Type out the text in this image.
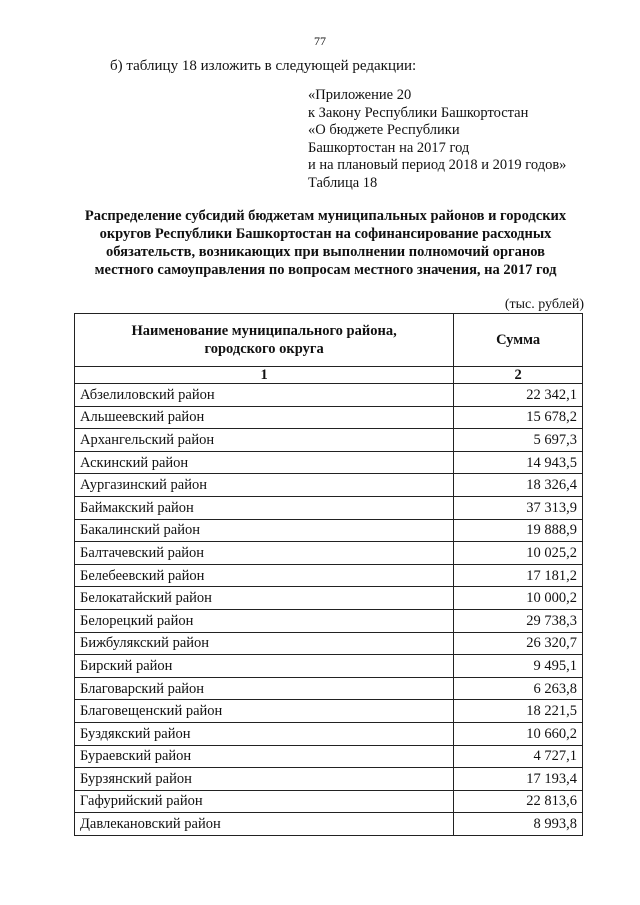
77
б) таблицу 18 изложить в следующей редакции:
«Приложение 20
к Закону Республики Башкортостан
«О бюджете Республики
Башкортостан на 2017 год
и на плановый период 2018 и 2019 годов»
Таблица 18
Распределение субсидий бюджетам муниципальных районов и городских
округов Республики Башкортостан на софинансирование расходных
обязательств, возникающих при выполнении полномочий органов
местного самоуправления по вопросам местного значения, на 2017 год
(тыс. рублей)
Наименование муниципального района,
городского округа	Сумма
1	2
Абзелиловский район	22 342,1
Альшеевский район	15 678,2
Архангельский район	5 697,3
Аскинский район	14 943,5
Аургазинский район	18 326,4
Баймакский район	37 313,9
Бакалинский район	19 888,9
Балтачевский район	10 025,2
Белебеевский район	17 181,2
Белокатайский район	10 000,2
Белорецкий район	29 738,3
Бижбулякский район	26 320,7
Бирский район	9 495,1
Благоварский район	6 263,8
Благовещенский район	18 221,5
Буздякский район	10 660,2
Бураевский район	4 727,1
Бурзянский район	17 193,4
Гафурийский район	22 813,6
Давлекановский район	8 993,8
